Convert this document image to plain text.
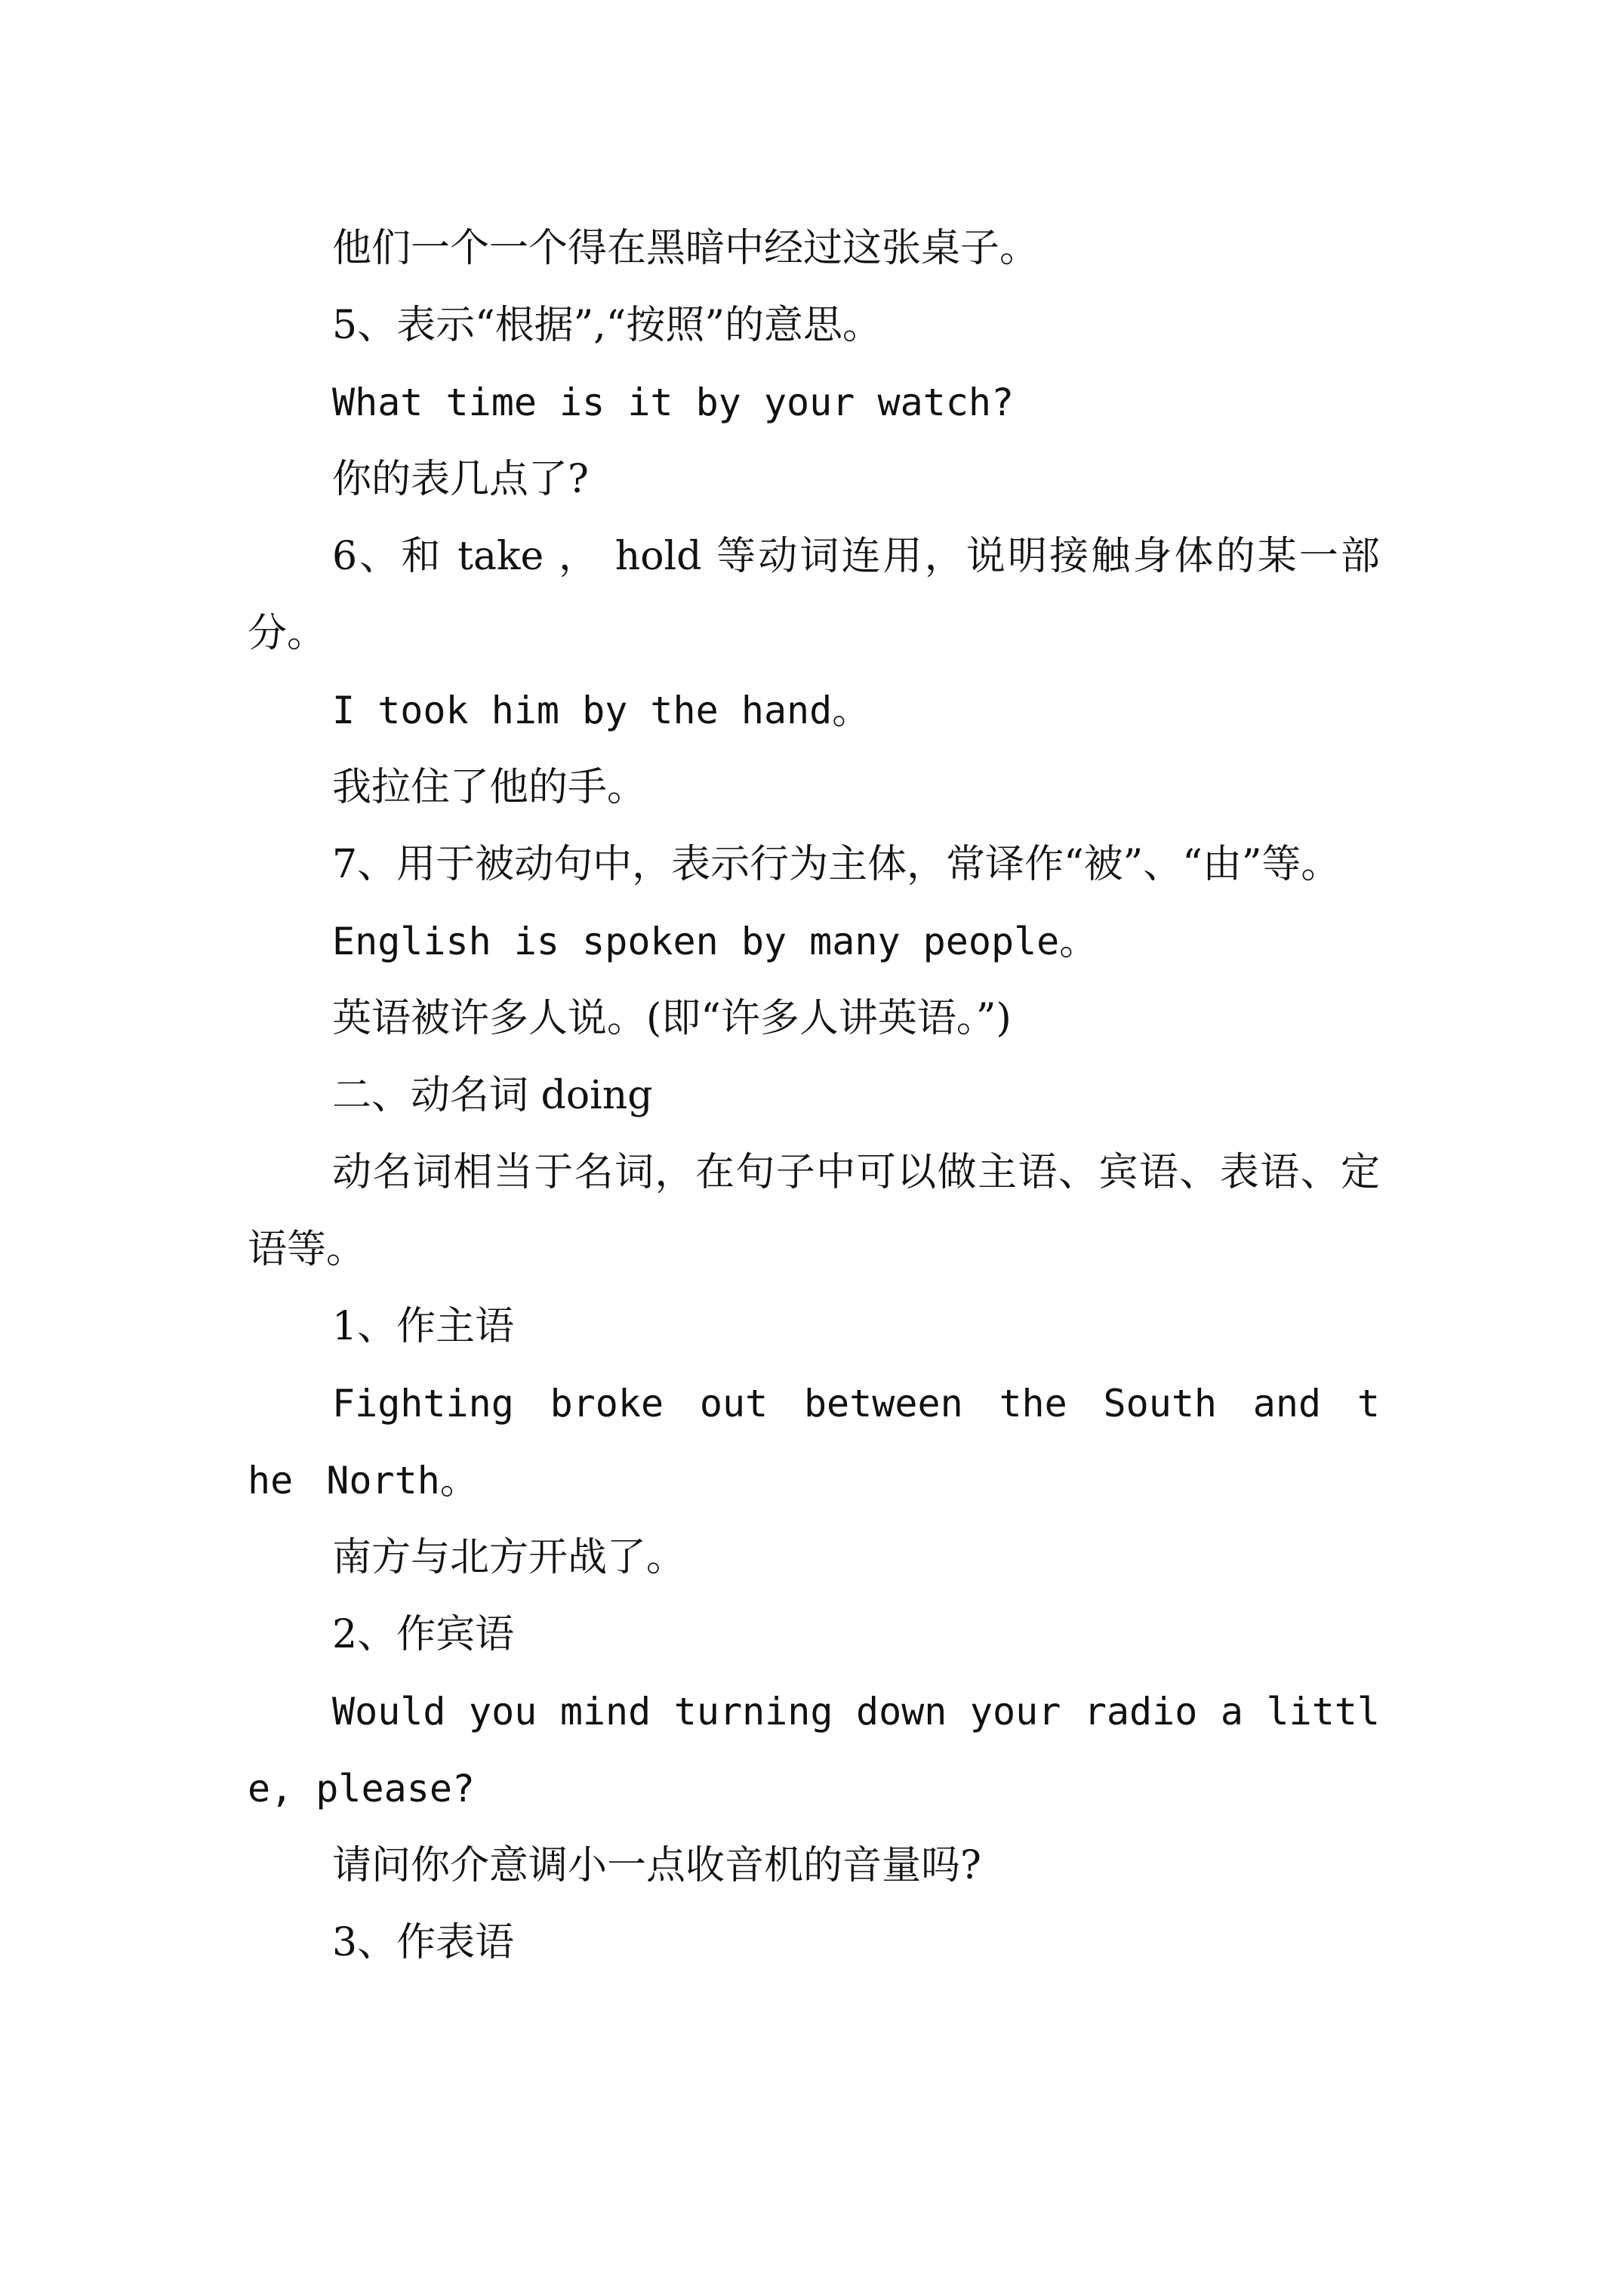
他们一个一个得在黑暗中经过这张桌子。

5、表示“根据”,“按照”的意思。

What time is it by your watch?

你的表几点了?

6、和 take ， hold 等动词连用，说明接触身体的某一部分。

I took him by the hand。

我拉住了他的手。

7、用于被动句中，表示行为主体，常译作“被”、“由”等。

English is spoken by many people。

英语被许多人说。(即“许多人讲英语。”)

二、动名词 doing

动名词相当于名词，在句子中可以做主语、宾语、表语、定语等。

1、作主语

Fighting broke out between the South and the North。

南方与北方开战了。

2、作宾语

Would you mind turning down your radio a little, please?

请问你介意调小一点收音机的音量吗?

3、作表语
